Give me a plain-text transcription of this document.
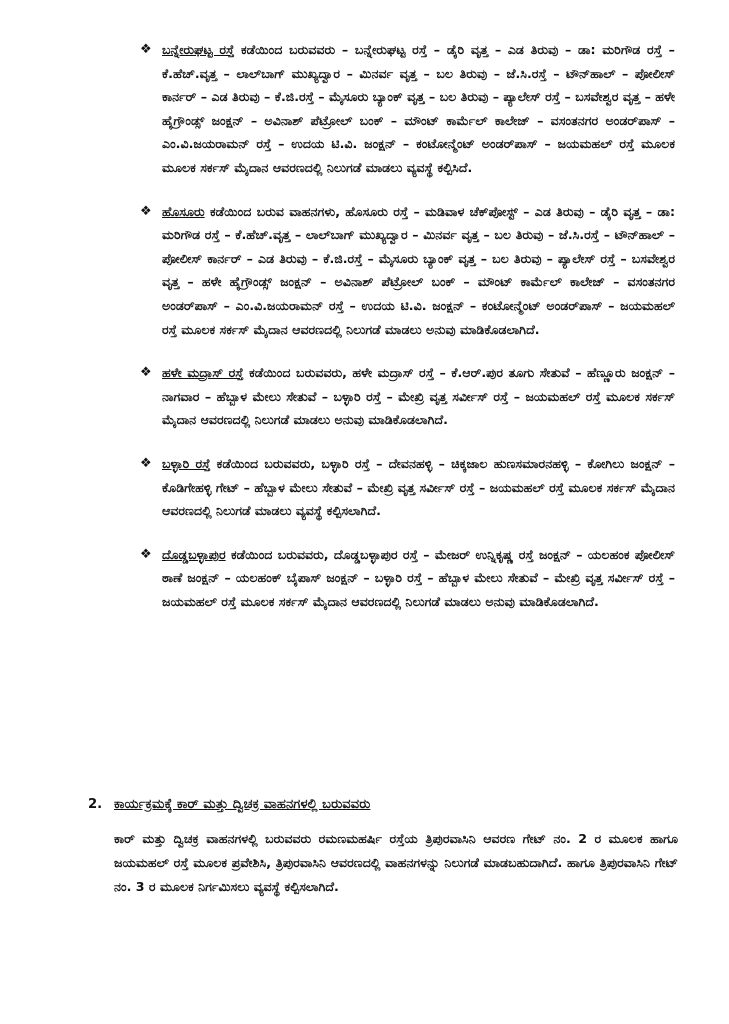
❖ ಬನ್ನೇರುಘಟ್ಟ ರಸ್ತೆ ಕಡೆಯಿಂದ ಬರುವವರು – ಬನ್ನೇರುಘಟ್ಟ ರಸ್ತೆ – ಡೈರಿ ವೃತ್ತ – ಎಡ ತಿರುವು – ಡಾ: ಮರಿಗೌಡ ರಸ್ತೆ – ಕೆ.ಹೆಚ್.ವೃತ್ತ – ಲಾಲ್‌ಬಾಗ್ ಮುಖ್ಯದ್ವಾರ – ಮಿನರ್ವ ವೃತ್ತ – ಬಲ ತಿರುವು – ಜೆ.ಸಿ.ರಸ್ತೆ – ಟೌನ್‌ಹಾಲ್ – ಪೋಲೀಸ್ ಕಾರ್ನರ್ – ಎಡ ತಿರುವು – ಕೆ.ಜಿ.ರಸ್ತೆ – ಮೈಸೂರು ಬ್ಯಾಂಕ್ ವೃತ್ತ – ಬಲ ತಿರುವು – ಪ್ಯಾಲೇಸ್ ರಸ್ತೆ – ಬಸವೇಶ್ವರ ವೃತ್ತ – ಹಳೇ ಹೈಗ್ರೌಂಡ್ಸ್ ಜಂಕ್ಷನ್ – ಅವಿನಾಶ್ ಪೆಟ್ರೋಲ್ ಬಂಕ್ – ಮೌಂಟ್ ಕಾರ್ಮೆಲ್ ಕಾಲೇಜ್ – ವಸಂತನಗರ ಅಂಡರ್‌ಪಾಸ್ – ಎಂ.ವಿ.ಜಯರಾಮನ್ ರಸ್ತೆ – ಉದಯ ಟಿ.ವಿ. ಜಂಕ್ಷನ್ – ಕಂಟೋನ್ಮೆಂಟ್ ಅಂಡರ್‌ಪಾಸ್ – ಜಯಮಹಲ್ ರಸ್ತೆ ಮೂಲಕ ಮೂಲಕ ಸರ್ಕಸ್ ಮೈದಾನ ಆವರಣದಲ್ಲಿ ನಿಲುಗಡೆ ಮಾಡಲು ವ್ಯವಸ್ಥೆ ಕಲ್ಪಿಸಿದೆ.
❖ ಹೊಸೂರು ಕಡೆಯಿಂದ ಬರುವ ವಾಹನಗಳು, ಹೊಸೂರು ರಸ್ತೆ – ಮಡಿವಾಳ ಚೆಕ್‌ಪೋಸ್ಟ್ – ಎಡ ತಿರುವು – ಡೈರಿ ವೃತ್ತ – ಡಾ: ಮರಿಗೌಡ ರಸ್ತೆ – ಕೆ.ಹೆಚ್.ವೃತ್ತ – ಲಾಲ್‌ಬಾಗ್ ಮುಖ್ಯದ್ವಾರ – ಮಿನರ್ವ ವೃತ್ತ – ಬಲ ತಿರುವು – ಜೆ.ಸಿ.ರಸ್ತೆ – ಟೌನ್‌ಹಾಲ್ – ಪೋಲೀಸ್ ಕಾರ್ನರ್ – ಎಡ ತಿರುವು – ಕೆ.ಜಿ.ರಸ್ತೆ – ಮೈಸೂರು ಬ್ಯಾಂಕ್ ವೃತ್ತ – ಬಲ ತಿರುವು – ಪ್ಯಾಲೇಸ್ ರಸ್ತೆ – ಬಸವೇಶ್ವರ ವೃತ್ತ – ಹಳೇ ಹೈಗ್ರೌಂಡ್ಸ್ ಜಂಕ್ಷನ್ – ಅವಿನಾಶ್ ಪೆಟ್ರೋಲ್ ಬಂಕ್ – ಮೌಂಟ್ ಕಾರ್ಮೆಲ್ ಕಾಲೇಜ್ – ವಸಂತನಗರ ಅಂಡರ್‌ಪಾಸ್ – ಎಂ.ವಿ.ಜಯರಾಮನ್ ರಸ್ತೆ – ಉದಯ ಟಿ.ವಿ. ಜಂಕ್ಷನ್ – ಕಂಟೋನ್ಮೆಂಟ್ ಅಂಡರ್‌ಪಾಸ್ – ಜಯಮಹಲ್ ರಸ್ತೆ ಮೂಲಕ ಸರ್ಕಸ್ ಮೈದಾನ ಆವರಣದಲ್ಲಿ ನಿಲುಗಡೆ ಮಾಡಲು ಅನುವು ಮಾಡಿಕೊಡಲಾಗಿದೆ.
❖ ಹಳೇ ಮದ್ರಾಸ್ ರಸ್ತೆ ಕಡೆಯಿಂದ ಬರುವವರು, ಹಳೇ ಮದ್ರಾಸ್ ರಸ್ತೆ – ಕೆ.ಆರ್.ಪುರ ತೂಗು ಸೇತುವೆ – ಹೆಣ್ಣೂರು ಜಂಕ್ಷನ್ – ನಾಗವಾರ – ಹೆಬ್ಬಾಳ ಮೇಲು ಸೇತುವೆ – ಬಳ್ಳಾರಿ ರಸ್ತೆ – ಮೇಖ್ರಿ ವೃತ್ತ ಸರ್ವೀಸ್ ರಸ್ತೆ – ಜಯಮಹಲ್ ರಸ್ತೆ ಮೂಲಕ ಸರ್ಕಸ್ ಮೈದಾನ ಆವರಣದಲ್ಲಿ ನಿಲುಗಡೆ ಮಾಡಲು ಅನುವು ಮಾಡಿಕೊಡಲಾಗಿದೆ.
❖ ಬಳ್ಳಾರಿ ರಸ್ತೆ ಕಡೆಯಿಂದ ಬರುವವರು, ಬಳ್ಳಾರಿ ರಸ್ತೆ – ದೇವನಹಳ್ಳಿ – ಚಿಕ್ಕಜಾಲ ಹುಣಸಮಾರನಹಳ್ಳಿ – ಕೋಗಿಲು ಜಂಕ್ಷನ್ – ಕೊಡಿಗೇಹಳ್ಳಿ ಗೇಟ್ – ಹೆಬ್ಬಾಳ ಮೇಲು ಸೇತುವೆ – ಮೇಖ್ರಿ ವೃತ್ತ ಸರ್ವೀಸ್ ರಸ್ತೆ – ಜಯಮಹಲ್ ರಸ್ತೆ ಮೂಲಕ ಸರ್ಕಸ್ ಮೈದಾನ ಆವರಣದಲ್ಲಿ ನಿಲುಗಡೆ ಮಾಡಲು ವ್ಯವಸ್ಥೆ ಕಲ್ಪಿಸಲಾಗಿದೆ.
❖ ದೊಡ್ಡಬಳ್ಳಾಪುರ ಕಡೆಯಿಂದ ಬರುವವರು, ದೊಡ್ಡಬಳ್ಳಾಪುರ ರಸ್ತೆ – ಮೇಜರ್ ಉನ್ನಿಕೃಷ್ಣ ರಸ್ತೆ ಜಂಕ್ಷನ್ – ಯಲಹಂಕ ಪೋಲೀಸ್ ಠಾಣೆ ಜಂಕ್ಷನ್ – ಯಲಹಂಕ್ ಬೈಪಾಸ್ ಜಂಕ್ಷನ್ – ಬಳ್ಳಾರಿ ರಸ್ತೆ – ಹೆಬ್ಬಾಳ ಮೇಲು ಸೇತುವೆ – ಮೇಖ್ರಿ ವೃತ್ತ ಸರ್ವೀಸ್ ರಸ್ತೆ – ಜಯಮಹಲ್ ರಸ್ತೆ ಮೂಲಕ ಸರ್ಕಸ್ ಮೈದಾನ ಆವರಣದಲ್ಲಿ ನಿಲುಗಡೆ ಮಾಡಲು ಅನುವು ಮಾಡಿಕೊಡಲಾಗಿದೆ.
2. ಕಾರ್ಯಕ್ರಮಕ್ಕೆ ಕಾರ್ ಮತ್ತು ದ್ವಿಚಕ್ರ ವಾಹನಗಳಲ್ಲಿ ಬರುವವರು

ಕಾರ್ ಮತ್ತು ದ್ವಿಚಕ್ರ ವಾಹನಗಳಲ್ಲಿ ಬರುವವರು ರಮಣಮಹರ್ಷಿ ರಸ್ತೆಯ ತ್ರಿಪುರವಾಸಿನಿ ಆವರಣ ಗೇಟ್ ನಂ. 2 ರ ಮೂಲಕ ಹಾಗೂ ಜಯಮಹಲ್ ರಸ್ತೆ ಮೂಲಕ ಪ್ರವೇಶಿಸಿ, ತ್ರಿಪುರವಾಸಿನಿ ಆವರಣದಲ್ಲಿ ವಾಹನಗಳನ್ನು ನಿಲುಗಡೆ ಮಾಡಬಹುದಾಗಿದೆ. ಹಾಗೂ ತ್ರಿಪುರವಾಸಿನಿ ಗೇಟ್ ನಂ. 3 ರ ಮೂಲಕ ನಿರ್ಗಮಿಸಲು ವ್ಯವಸ್ಥೆ ಕಲ್ಪಿಸಲಾಗಿದೆ.
